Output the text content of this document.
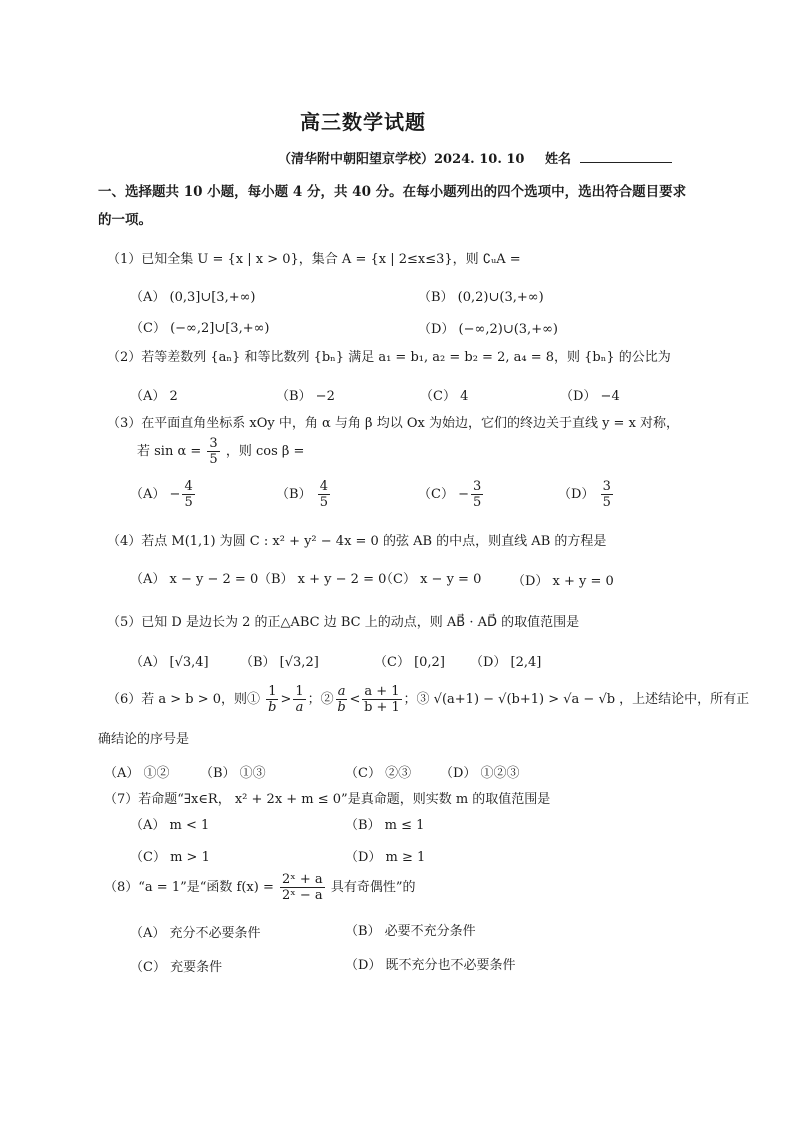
高三数学试题
（清华附中朝阳望京学校）2024. 10. 10 姓名
一、选择题共 10 小题，每小题 4 分，共 40 分。在每小题列出的四个选项中，选出符合题目要求
的一项。
（1）已知全集 U = {x | x > 0}，集合 A = {x | 2≤x≤3}，则 ∁ᵤA =
（A） (0,3]∪[3,+∞)	（B） (0,2)∪(3,+∞)
（C） (−∞,2]∪[3,+∞)	（D） (−∞,2)∪(3,+∞)
（2）若等差数列 {aₙ} 和等比数列 {bₙ} 满足 a₁ = b₁, a₂ = b₂ = 2, a₄ = 8，则 {bₙ} 的公比为
（A） 2	（B） −2	（C） 4	（D） −4
（3）在平面直角坐标系 xOy 中，角 α 与角 β 均以 Ox 为始边，它们的终边关于直线 y = x 对称，
若 $\sin \alpha = \frac{3}{5}$ ，则 cos β =
$(A) - \frac{4}{5}$	$(B) \frac{4}{5}$	$(C) - \frac{3}{5}$	$(D) \frac{3}{5}$
（4）若点 M(1,1) 为圆 C : x² + y² − 4x = 0 的弦 AB 的中点，则直线 AB 的方程是
（A） x − y − 2 = 0 （B） x + y − 2 = 0
（C） x − y = 0 （D） x + y = 0
（5）已知 D 是边长为 2 的正△ABC 边 BC 上的动点，则 AB⃗ · AD⃗ 的取值范围是
（A） [√3,4] （B） [√3,2]	（C） [0,2] （D） [2,4]
（6）若 a > b > 0，则① $\frac{1}{b} > \frac{1}{a}$ ；② $\frac{a}{b} < \frac{a + 1}{b + 1}$ ；③ √(a+1) − √(b+1) > √a − √b ，上述结论中，所有正
确结论的序号是
（A） ①② （B） ①③	（C） ②③ （D） ①②③
（7）若命题“∃x∈R， x² + 2x + m ≤ 0”是真命题，则实数 m 的取值范围是
（A） m < 1	（B） m ≤ 1
（C） m > 1	（D） m ≥ 1
（8）“a = 1”是“函数 $f(x) = \frac{\text{2ˣ + a}}{\text{2ˣ − a}}$ 具有奇偶性”的
（A） 充分不必要条件	（B） 必要不充分条件
（C） 充要条件	（D） 既不充分也不必要条件
